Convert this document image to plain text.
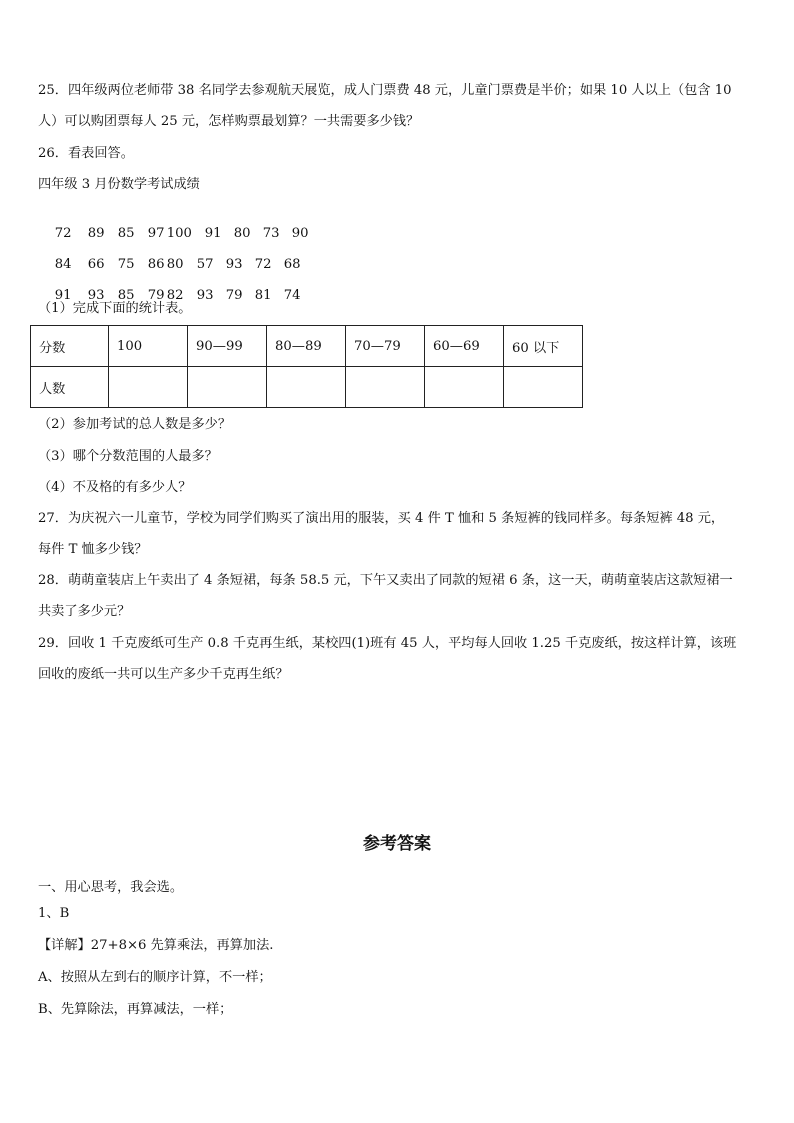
25．四年级两位老师带 38 名同学去参观航天展览，成人门票费 48 元，儿童门票费是半价；如果 10 人以上（包含 10
人）可以购团票每人 25 元，怎样购票最划算？一共需要多少钱？
26．看表回答。
四年级 3 月份数学考试成绩

72 89 85 97 100 91 80 73 90

84 66 75 86 80 57 93 72 68

91 93 85 79 82 93 79 81 74

（1）完成下面的统计表。
分数	100	90—99	80—89	70—79	60—69	60 以下
人数						
（2）参加考试的总人数是多少？
（3）哪个分数范围的人最多？
（4）不及格的有多少人？
27．为庆祝六一儿童节，学校为同学们购买了演出用的服装，买 4 件 T 恤和 5 条短裤的钱同样多。每条短裤 48 元，
每件 T 恤多少钱？
28．萌萌童装店上午卖出了 4 条短裙，每条 58.5 元，下午又卖出了同款的短裙 6 条，这一天，萌萌童装店这款短裙一
共卖了多少元？
29．回收 1 千克废纸可生产 0.8 千克再生纸，某校四(1)班有 45 人，平均每人回收 1.25 千克废纸，按这样计算，该班
回收的废纸一共可以生产多少千克再生纸？
参考答案
一、用心思考，我会选。
1、B
【详解】27+8×6 先算乘法，再算加法.
A、按照从左到右的顺序计算，不一样；
B、先算除法，再算减法，一样；
